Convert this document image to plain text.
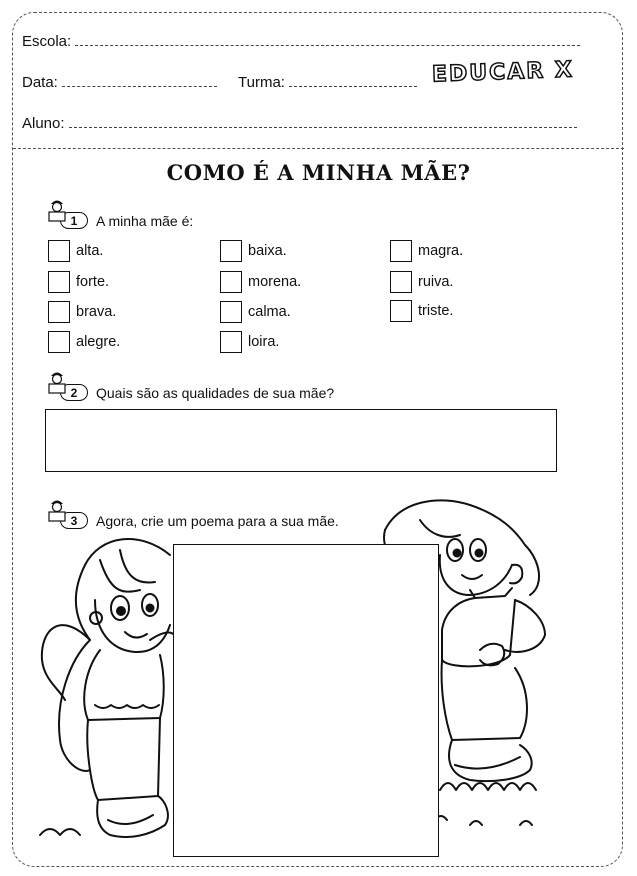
Escola:
Data:	Turma:	EDUCAR X
Aluno:
COMO É A MINHA MÃE?
1	A minha mãe é:
alta.	baixa.	magra.
forte.	morena.	ruiva.
brava.	calma.	triste.
alegre.	loira.
2	Quais são as qualidades de sua mãe?
3	Agora, crie um poema para a sua mãe.
